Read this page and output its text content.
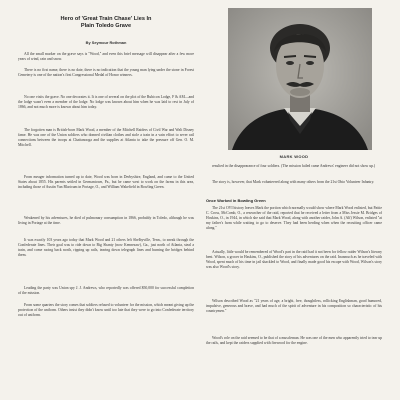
Hero of 'Great Train Chase' Lies In
Plain Toledo Grave
By Seymour Rothman

All the small marker on the grave says is "Wood," and even this brief message will disappear after a few more years of wind, rain and snow.

There is no first name, there is no date, there is no indication that the young man lying under the stone in Forest Cemetery is one of the nation's first Congressional Medal of Honor winners.

No one visits the grave. No one decorates it. It is one of several on the plot of the Rubicon Lodge, F & AM—and the lodge wasn't even a member of the lodge. No lodge was known about him when he was laid to rest in July of 1866, and not much more is known about him today.

The forgotten man is British-born Mark Wood, a member of the Mitchell Raiders of Civil War and Walt Disney fame. He was one of the Union soldiers who donned civilian clothes and stole a train in a vain effort to sever rail connections between the troops at Chattanooga and the supplies at Atlanta to take the pressure off Gen. O. M. Mitchell.

From meager information turned up to date, Wood was born in Derbyshire, England, and came to the United States about 1855. His parents settled in Germantown, Pa., but he came west to work on the farms in this area, including those of Austin Van Blaricum in Portage, O., and William Wakefield in Bowling Green.

Weakened by his adventures, he died of pulmonary consumption in 1866, probably in Toledo, although he was living in Portage at the time.

It was exactly 103 years ago today that Mark Wood and 21 others left Shelbyville, Tenn., to sneak through the Confederate lines. Their goal was to ride down to Big Shanty (now Kennesaw), Ga., just north of Atlanta, steal a train, and come racing back north, ripping up rails, tearing down telegraph lines and burning the bridges behind them.

Leading the party was Union spy J. J. Andrews, who reportedly was offered $50,000 for successful completion of the mission.

From some quarters the story comes that soldiers refused to volunteer for the mission, which meant giving up the protection of the uniform. Others insist they didn't know until too late that they were to go into Confederate territory out of uniform.

MARK WOOD

resulted in the disappearance of four soldiers. (The mission failed came Andrews' engineer did not show up.)

The story is, however, that Mark volunteered along with many others from the 21st Ohio Volunteer Infantry.

Once Worked in Bowling Green

The 21st OVI history leaves Mark the portion which normally would show where Mark Wood enlisted, but Pattie C. Cross, McComb, O., a researcher of the raid, reported that he received a letter from a Miss Jessie M. Bridges of Hoskins, O., in 1944, in which she said that Mark Wood, along with another raider, John A. (Alf) Wilson, enlisted "at my father's farm while waiting to go to deserve. They had been herding when when the recruiting officer came along."

Actually, little would be remembered of Wood's part in the raid had it not been for fellow raider Wilson's literary bent. Wilson, a grocer in Haskins, O., published the story of his adventures on the raid. Inasmuch as he traveled with Wood, spent much of his time in jail shackled to Wood, and finally made good his escape with Wood, Wilson's story was also Wood's story.

Wilson described Wood as "21 years of age, a bright, free, thoughtless, rollicking Englishman, good humored, impulsive, generous and brave, and had much of the spirit of adventure in his composition so characteristic of his countrymen."

Wood's role on the raid seemed to be that of a muscleman. He was one of the men who apparently tried to tear up the rails, and kept the raiders supplied with firewood for the engine.
